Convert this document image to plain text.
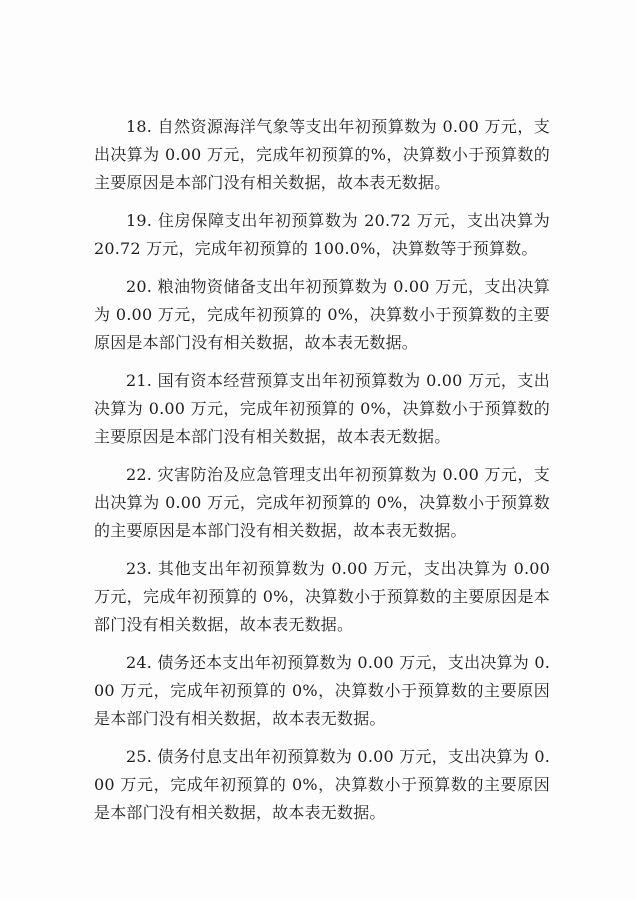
18. 自然资源海洋气象等支出年初预算数为 0.00 万元，支出决算为 0.00 万元，完成年初预算的%，决算数小于预算数的主要原因是本部门没有相关数据，故本表无数据。

19. 住房保障支出年初预算数为 20.72 万元，支出决算为 20.72 万元，完成年初预算的 100.0%，决算数等于预算数。

20. 粮油物资储备支出年初预算数为 0.00 万元，支出决算为 0.00 万元，完成年初预算的 0%，决算数小于预算数的主要原因是本部门没有相关数据，故本表无数据。

21. 国有资本经营预算支出年初预算数为 0.00 万元，支出决算为 0.00 万元，完成年初预算的 0%，决算数小于预算数的主要原因是本部门没有相关数据，故本表无数据。

22. 灾害防治及应急管理支出年初预算数为 0.00 万元，支出决算为 0.00 万元，完成年初预算的 0%，决算数小于预算数的主要原因是本部门没有相关数据，故本表无数据。

23. 其他支出年初预算数为 0.00 万元，支出决算为 0.00 万元，完成年初预算的 0%，决算数小于预算数的主要原因是本部门没有相关数据，故本表无数据。

24. 债务还本支出年初预算数为 0.00 万元，支出决算为 0.00 万元，完成年初预算的 0%，决算数小于预算数的主要原因是本部门没有相关数据，故本表无数据。

25. 债务付息支出年初预算数为 0.00 万元，支出决算为 0.00 万元，完成年初预算的 0%，决算数小于预算数的主要原因是本部门没有相关数据，故本表无数据。
